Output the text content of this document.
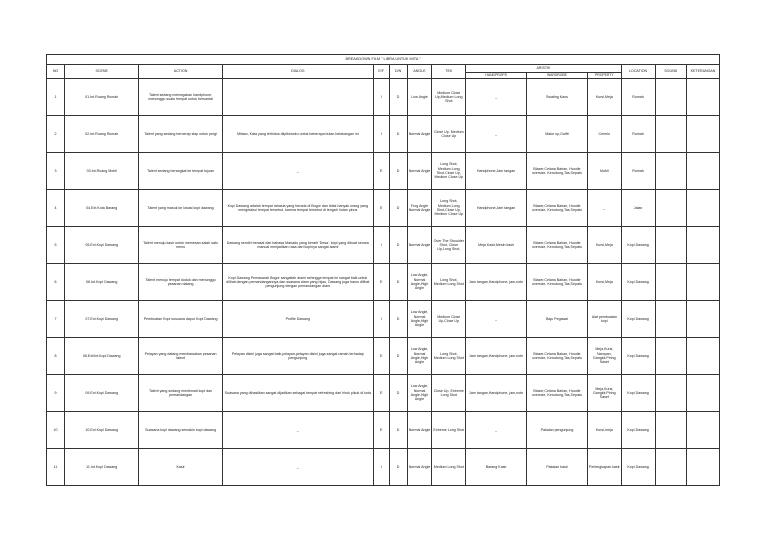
BREAKDOWN FILM " LIBRA UNTUK MITA "													
NO	SCENE	ACTION	DIALOG	E/F	D/N	ANGLE	TEK	ARISTIK			LOCATION	SOUND	KETERANGAN
								HANDPROPS	WARDROBE	PROPERTY			
1	01.Int.Ruang Rumah	Talent sedang memegakan handphone, menunggu suatu tempat untuk bersantai		I	D	Low Angle	Medium Close Up,Medium Long Shot	_	Swating Kaos	Kursi,Meja	Rumah		
2	02.Int.Ruang Rumah	Talent yang sedang bercerap siap untuk pergi	Mitaso, Kata yang terhidus diipikiranku untuk beberapa bulan belakangan ini	I	D	Normal Angle	Close Up, Medium Close Up	_	Make up,Outfit	Cermin	Rumah		
3	03.Int.Ruang Mobil	Talent sedang berangkat ke tempat tujuan	_	E	D	Normal Angle	Long Shot, Medium Long Shot,Close Up, Medium Close Up	Handphone,Jam tangan	Blazer,Celana Bahan, Hoodie oversize, Kerudung,Tas,Sepatu	Mobil	Rumah		
4	04.Ext.Kota Barang	Talent yang masuk ke lokasi kopi dawang	Kopi Dawang adalah tempat rahasia yang berada di Bogor dan tidak banyak orang yang mengetahui tempat tersebut, karena tempat tersebut di tengah hutan pinus	E	D	Frog Angle Normal Angle	Long Shot, Medium Long Shot,Close Up, Medium Close Up	Handphone,Jam tangan	Blazer,Celana Bahan, Hoodie oversize, Kerudung,Tas,Sepatu	_	Jalan		
5	05.Ext.Kopi Dawang	Talent menuju kasir untuk memesan salah satu menu	Dawang sendiri berasal dari bahasa Manado yang berarti 'Desa', kopi yang dibuat secara manual menjadikan rasa dari kopinya sangat alami	I	D	Normal Angle	Over The Shoulder Shot, Close Up,Long Shot,	Meja Kasir,Mesin kasir	Blazer,Celana Bahan, Hoodie oversize, Kerudung,Tas,Sepatu	Kursi,Meja	Kopi Dawang		
6	06.Int.Kopi Dawang	Talent menuju tempat duduk dan menunggu pesanan datang	Kopi Dawang Pemasarah Bogor sangatlah alami sehingga tempat ini sangat baik untuk dilihat dengan pemandangannya dan suasana alam yang hijau, Dawang juga harus dilihat pengunjung dengan pemandangan alam	E	D	Low Angle, Normal Angle,High Angle	Long Shot, Medium Long Shot	Jam tangan,Handphone, jam,note	Blazer,Celana Bahan, Hoodie oversize, Kerudung,Tas,Sepatu	Kursi,Meja	Kopi Dawang		
7	07.Ext.Kopi Dawang	Pembuatan Kopi susuana dapur Kopi Dawang	Profile Dawang	I	D	Low Angle, Normal Angle,High Angle	Medium Close Up,Close Up	_	Baju Pegawai	Alat pembuatan kopi	Kopi Dawang		
8	08.Ext/Int.Kopi Dawang	Pelayan yang datang membawakan pesanan talent	Pelayan disini juga sangat baik,pelayan-pelayan disini juga sangat ramah terhadap pengunjung	E	D	Low Angle, Normal Angle,High Angle	Long Shot, Medium Long Shot	Jam tangan,Handphone, jam,note	Blazer,Celana Bahan, Hoodie oversize, Kerudung,Tas,Sepatu	Meja,Kursi, Nampan, Gangkir,Piring Saset	Kopi Dawang		
9	09.Ext.Kopi Dawang	Talent yang sedang menikmati kopi dan pemandangan	Suasana yang dihasilkan sangat dijadikan sebagai tempat refreshing dari hiruk pikuk di kota	E	D	Low Angle, Normal Angle,High Angle	Close Up, Extreme Long Shot	Jam tangan,Handphone, jam,note	Blazer,Celana Bahan, Hoodie oversize, Kerudung,Tas,Sepatu	Meja,Kursi, Gangkir,Piring Saset	Kopi Dawang		
10	10.Ext.Kopi Dawang	Suasana kopi dawang semakin kopi dawang	_	E	D	Normal Angle	Extreme Long Shot	_	Pakaian pengunjung	Kursi,meja	Kopi Dawang		
11	11.Int.Kopi Dawang	Kasir	_	I	D	Normal Angle	Medium Long Shot	Barang Kasir	Pakaian kasir	Perlengkapan kasir	Kopi Dawang		
